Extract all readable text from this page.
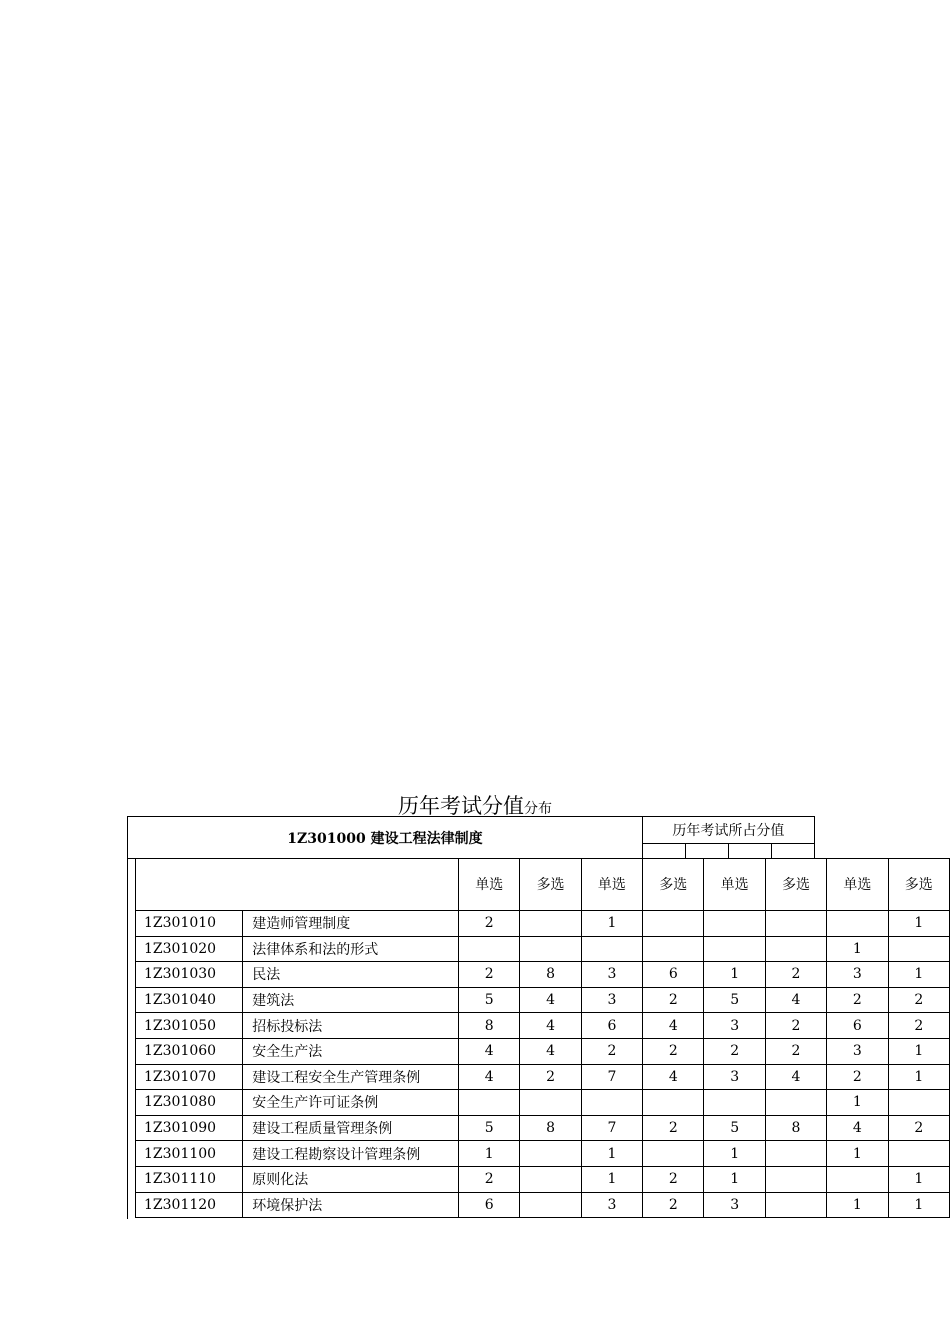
历年考试分值分布
1Z301000 建设工程法律制度	历年考试所占分值			

		单选	多选	单选	多选	单选	多选	单选	多选
1Z301010	建造师管理制度	2		1					1
1Z301020	法律体系和法的形式							1	
1Z301030	民法	2	8	3	6	1	2	3	1
1Z301040	建筑法	5	4	3	2	5	4	2	2
1Z301050	招标投标法	8	4	6	4	3	2	6	2
1Z301060	安全生产法	4	4	2	2	2	2	3	1
1Z301070	建设工程安全生产管理条例	4	2	7	4	3	4	2	1
1Z301080	安全生产许可证条例							1	
1Z301090	建设工程质量管理条例	5	8	7	2	5	8	4	2
1Z301100	建设工程勘察设计管理条例	1		1		1		1	
1Z301110	原则化法	2		1	2	1			1
1Z301120	环境保护法	6		3	2	3		1	1
